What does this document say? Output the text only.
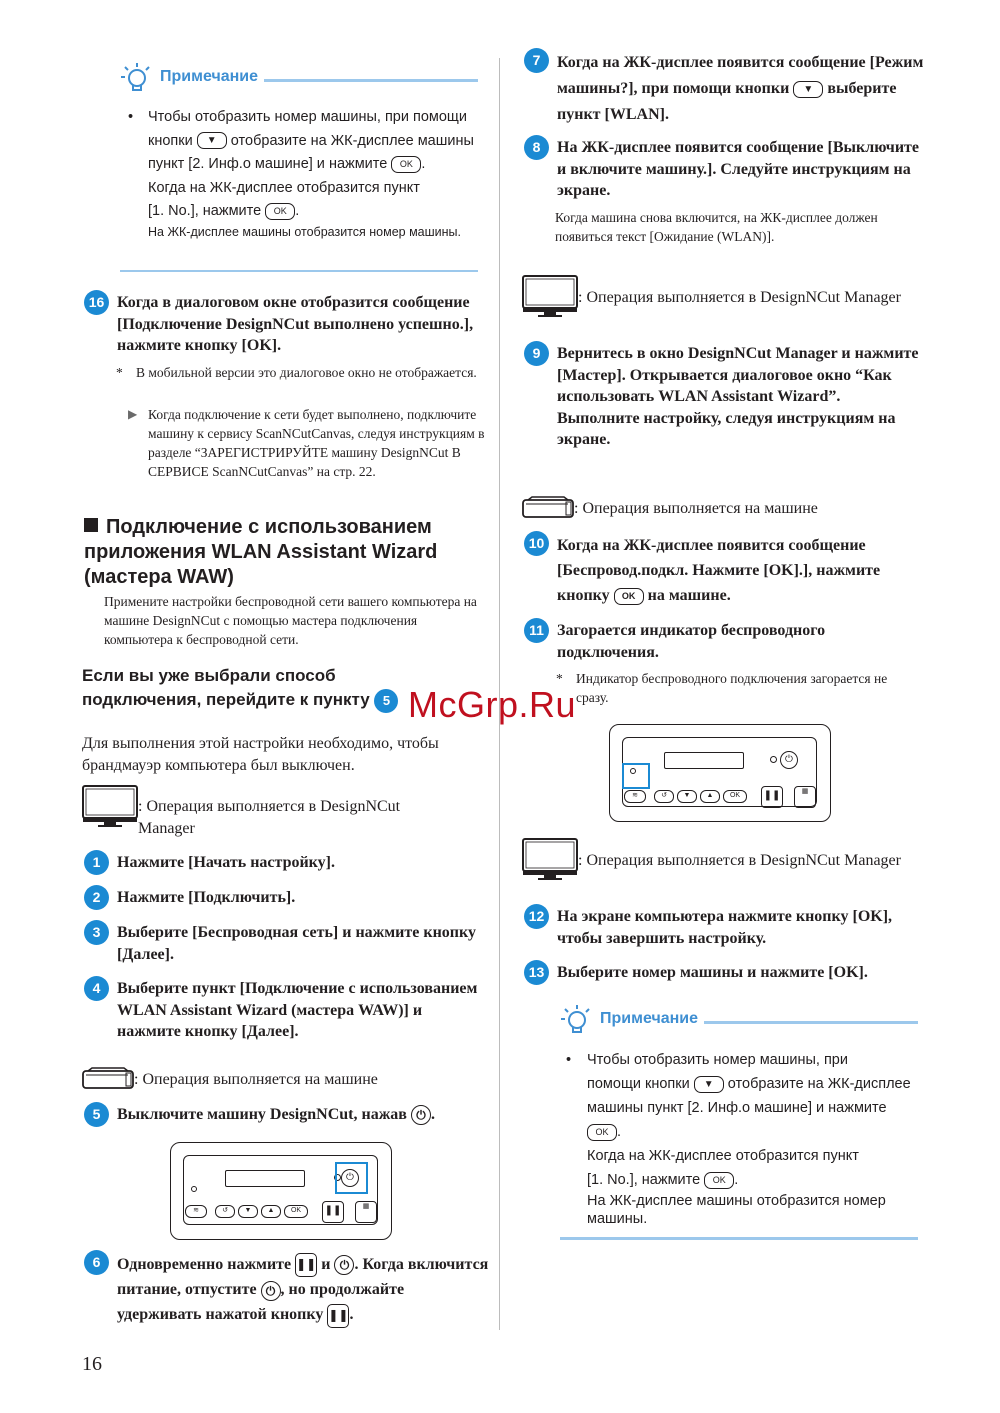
Примечание
• Чтобы отобразить номер машины, при помощи кнопки ▼ отобразите на ЖК-дисплее машины пункт [2. Инф.о машине] и нажмите OK .
Когда на ЖК-дисплее отобразится пункт
[1. No.], нажмите OK .
На ЖК-дисплее машины отобразится номер машины.
16 Когда в диалоговом окне отобразится сообщение [Подключение DesignNCut выполнено успешно.], нажмите кнопку [OK].
* В мобильной версии это диалоговое окно не отображается.
▶ Когда подключение к сети будет выполнено, подключите машину к сервису ScanNCutCanvas, следуя инструкциям в разделе “ЗАРЕГИСТРИРУЙТЕ машину DesignNCut В СЕРВИСЕ ScanNCutCanvas” на стр. 22.
Подключение с использованием приложения WLAN Assistant Wizard (мастера WAW)
Примените настройки беспроводной сети вашего компьютера на машине DesignNCut с помощью мастера подключения компьютера к беспроводной сети.
Если вы уже выбрали способ подключения, перейдите к пункту 5
Для выполнения этой настройки необходимо, чтобы брандмауэр компьютера был выключен.
: Операция выполняется в DesignNCut Manager
1	Нажмите [Начать настройку].
2	Нажмите [Подключить].
3	Выберите [Беспроводная сеть] и нажмите кнопку [Далее].
4	Выберите пункт [Подключение с использованием WLAN Assistant Wizard (мастера WAW)] и нажмите кнопку [Далее].
: Операция выполняется на машине
5	Выключите машину DesignNCut, нажав ⏻ .
⏻
≋	↺	▼	▲	OK	❚❚	▦
6	Одновременно нажмите ❚❚ и ⏻ . Когда включится питание, отпустите ⏻ , но продолжайте удерживать нажатой кнопку ❚❚.
16
7	Когда на ЖК-дисплее появится сообщение [Режим машины?], при помощи кнопки ▼ выберите пункт [WLAN].
8	На ЖК-дисплее появится сообщение [Выключите и включите машину.]. Следуйте инструкциям на экране.
Когда машина снова включится, на ЖК-дисплее должен появиться текст [Ожидание (WLAN)].
: Операция выполняется в DesignNCut Manager
9	Вернитесь в окно DesignNCut Manager и нажмите [Мастер]. Открывается диалоговое окно “Как использовать WLAN Assistant Wizard”.
Выполните настройку, следуя инструкциям на экране.
: Операция выполняется на машине
10 Когда на ЖК-дисплее появится сообщение [Беспровод.подкл. Нажмите [OK].], нажмите кнопку OK на машине.
11 Загорается индикатор беспроводного подключения.
* Индикатор беспроводного подключения загорается не сразу.
⏻
≋	↺	▼	▲	OK	❚❚	▦
: Операция выполняется в DesignNCut Manager
12 На экране компьютера нажмите кнопку [OK], чтобы завершить настройку.
13 Выберите номер машины и нажмите [OK].
Примечание
• Чтобы отобразить номер машины, при
помощи кнопки ▼ отобразите на ЖК-дисплее машины пункт [2. Инф.о машине] и нажмите OK .
Когда на ЖК-дисплее отобразится пункт
[1. No.], нажмите OK .
На ЖК-дисплее машины отобразится номер машины.
McGrp.Ru
